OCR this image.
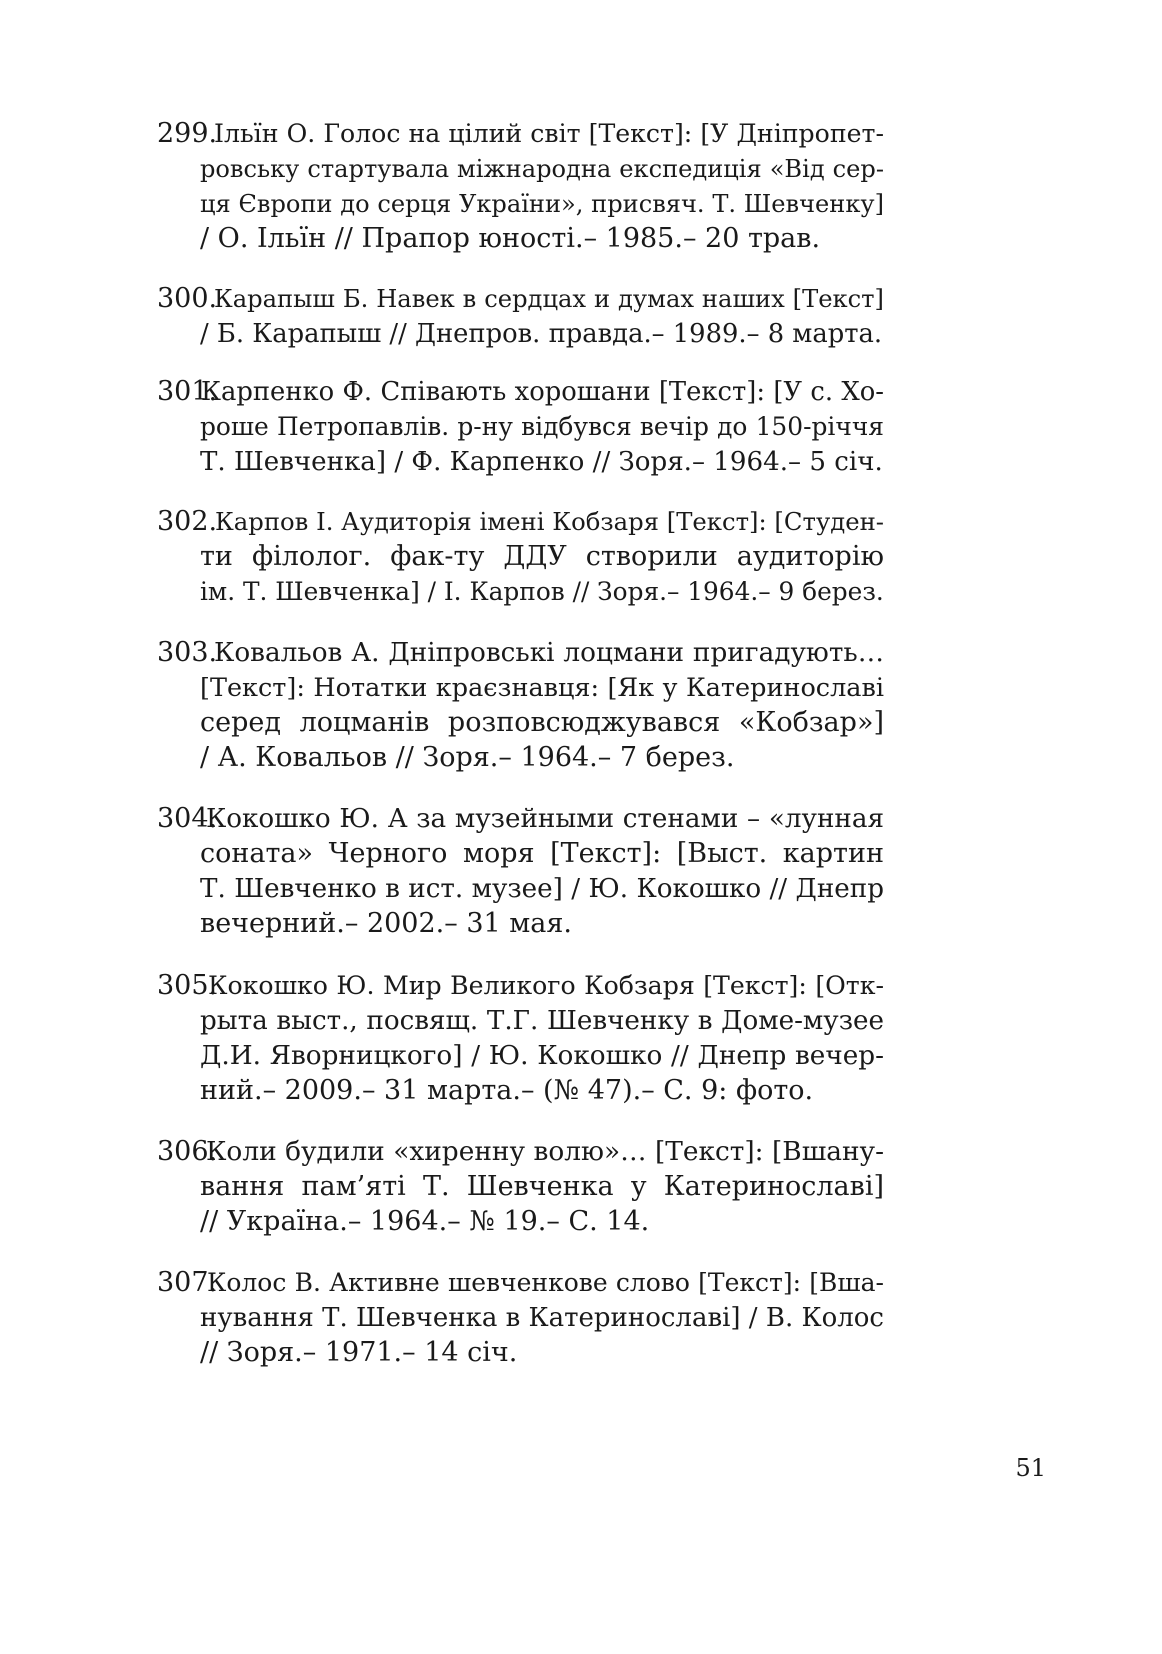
299.
Ільїн О. Голос на цілий світ [Текст]: [У Дніпропет-
ровську стартувала міжнародна експедиція «Від сер-
ця Європи до серця України», присвяч. Т. Шевченку]
/ О. Ільїн // Прапор юності.– 1985.– 20 трав.
300.
Карапыш Б. Навек в сердцах и думах наших [Текст]
/ Б. Карапыш // Днепров. правда.– 1989.– 8 марта.
301.
Карпенко Ф. Співають хорошани [Текст]: [У с. Хо-
роше Петропавлів. р-ну відбувся вечір до 150-річчя
Т. Шевченка] / Ф. Карпенко // Зоря.– 1964.– 5 січ.
302.
Карпов І. Аудиторія імені Кобзаря [Текст]: [Студен-
ти філолог. фак-ту ДДУ створили аудиторію
ім. Т. Шевченка] / І. Карпов // Зоря.– 1964.– 9 берез.
303.
Ковальов А. Дніпровські лоцмани пригадують…
[Текст]: Нотатки краєзнавця: [Як у Катеринославі
серед лоцманів розповсюджувався «Кобзар»]
/ А. Ковальов // Зоря.– 1964.– 7 берез.
304.
Кокошко Ю. А за музейными стенами – «лунная
соната» Черного моря [Текст]: [Выст. картин
Т. Шевченко в ист. музее] / Ю. Кокошко // Днепр
вечерний.– 2002.– 31 мая.
305.
Кокошко Ю. Мир Великого Кобзаря [Текст]: [Отк-
рыта выст., посвящ. Т.Г. Шевченку в Доме-музее
Д.И. Яворницкого] / Ю. Кокошко // Днепр вечер-
ний.– 2009.– 31 марта.– (№ 47).– С. 9: фото.
306.
Коли будили «хиренну волю»… [Текст]: [Вшану-
вання пам’яті Т. Шевченка у Катеринославі]
// Україна.– 1964.– № 19.– С. 14.
307.
Колос В. Активне шевченкове слово [Текст]: [Вша-
нування Т. Шевченка в Катеринославі] / В. Колос
// Зоря.– 1971.– 14 січ.
51
